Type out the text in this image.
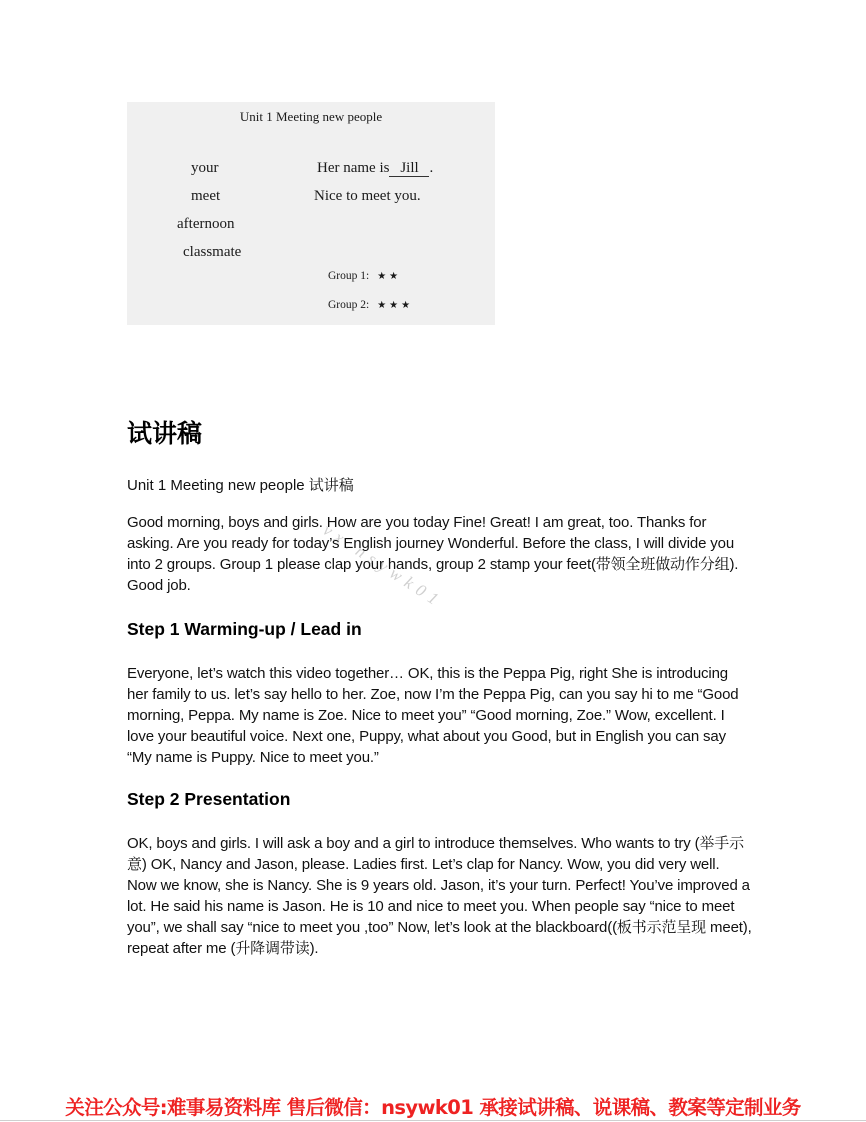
Unit 1 Meeting new people
your
meet
afternoon
classmate
Her name is Jill .
Nice to meet you.
Group 1: ★★
Group 2: ★★★
试讲稿
Unit 1 Meeting new people 试讲稿
Good morning, boys and girls. How are you today Fine! Great! I am great, too. Thanks for asking. Are you ready for today’s English journey Wonderful. Before the class, I will divide you into 2 groups. Group 1 please clap your hands, group 2 stamp your feet(带领全班做动作分组). Good job.	vx:nsywk01
Step 1 Warming-up / Lead in
Everyone, let’s watch this video together… OK, this is the Peppa Pig, right She is introducing her family to us. let’s say hello to her. Zoe, now I’m the Peppa Pig, can you say hi to me “Good morning, Peppa. My name is Zoe. Nice to meet you” “Good morning, Zoe.” Wow, excellent. I love your beautiful voice. Next one, Puppy, what about you Good, but in English you can say “My name is Puppy. Nice to meet you.”
Step 2 Presentation
OK, boys and girls. I will ask a boy and a girl to introduce themselves. Who wants to try (举手示意) OK, Nancy and Jason, please. Ladies first. Let’s clap for Nancy. Wow, you did very well. Now we know, she is Nancy. She is 9 years old. Jason, it’s your turn. Perfect! You’ve improved a lot. He said his name is Jason. He is 10 and nice to meet you. When people say “nice to meet you”, we shall say “nice to meet you ,too” Now, let’s look at the blackboard((板书示范呈现 meet), repeat after me (升降调带读).
关注公众号:难事易资料库 售后微信：nsywk01 承接试讲稿、说课稿、教案等定制业务
